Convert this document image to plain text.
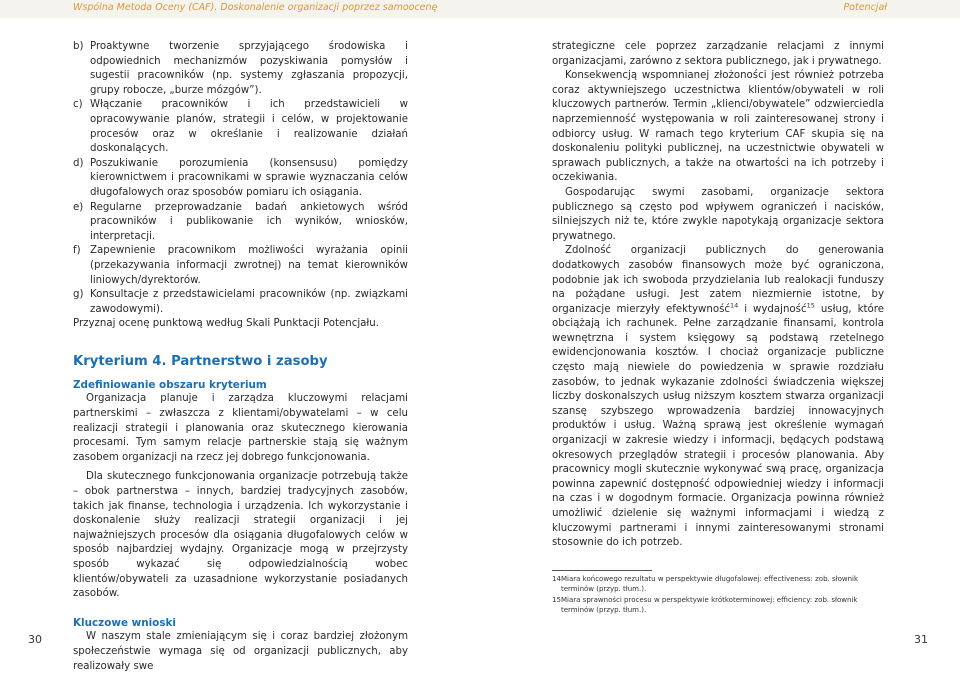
Wspólna Metoda Oceny (CAF). Doskonalenie organizacji poprzez samoocenę	Potencjał
b) Proaktywne tworzenie sprzyjającego środowiska i odpowiednich mechanizmów pozyskiwania pomysłów i sugestii pracowników (np. systemy zgłaszania propozycji, grupy robocze, „burze mózgów”).
c) Włączanie pracowników i ich przedstawicieli w opracowywanie planów, strategii i celów, w projektowanie procesów oraz w określanie i realizowanie działań doskonalących.
d) Poszukiwanie porozumienia (konsensusu) pomiędzy kierownictwem i pracownikami w sprawie wyznaczania celów długofalowych oraz sposobów pomiaru ich osiągania.
e) Regularne przeprowadzanie badań ankietowych wśród pracowników i publikowanie ich wyników, wniosków, interpretacji.
f) Zapewnienie pracownikom możliwości wyrażania opinii (przekazywania informacji zwrotnej) na temat kierowników liniowych/dyrektorów.
g) Konsultacje z przedstawicielami pracowników (np. związkami zawodowymi).

Przyznaj ocenę punktową według Skali Punktacji Potencjału.

Kryterium 4. Partnerstwo i zasoby
Zdefiniowanie obszaru kryterium

Organizacja planuje i zarządza kluczowymi relacjami partnerskimi – zwłaszcza z klientami/obywatelami – w celu realizacji strategii i planowania oraz skutecznego kierowania procesami. Tym samym relacje partnerskie stają się ważnym zasobem organizacji na rzecz jej dobrego funkcjonowania.

Dla skutecznego funkcjonowania organizacje potrzebują także – obok partnerstwa – innych, bardziej tradycyjnych zasobów, takich jak finanse, technologia i urządzenia. Ich wykorzystanie i doskonalenie służy realizacji strategii organizacji i jej najważniejszych procesów dla osiągania długofalowych celów w sposób najbardziej wydajny. Organizacje mogą w przejrzysty sposób wykazać się odpowiedzialnością wobec klientów/obywateli za uzasadnione wykorzystanie posiadanych zasobów.

Kluczowe wnioski

W naszym stale zmieniającym się i coraz bardziej złożonym społeczeństwie wymaga się od organizacji publicznych, aby realizowały swe

strategiczne cele poprzez zarządzanie relacjami z innymi organizacjami, zarówno z sektora publicznego, jak i prywatnego.

Konsekwencją wspomnianej złożoności jest również potrzeba coraz aktywniejszego uczestnictwa klientów/obywateli w roli kluczowych partnerów. Termin „klienci/obywatele” odzwierciedla naprzemienność występowania w roli zainteresowanej strony i odbiorcy usług. W ramach tego kryterium CAF skupia się na doskonaleniu polityki publicznej, na uczestnictwie obywateli w sprawach publicznych, a także na otwartości na ich potrzeby i oczekiwania.

Gospodarując swymi zasobami, organizacje sektora publicznego są często pod wpływem ograniczeń i nacisków, silniejszych niż te, które zwykle napotykają organizacje sektora prywatnego.

Zdolność organizacji publicznych do generowania dodatkowych zasobów finansowych może być ograniczona, podobnie jak ich swoboda przydzielania lub realokacji funduszy na pożądane usługi. Jest zatem niezmiernie istotne, by organizacje mierzyły efektywność$^{14}$ i wydajność$^{15}$ usług, które obciążają ich rachunek. Pełne zarządzanie finansami, kontrola wewnętrzna i system księgowy są podstawą rzetelnego ewidencjonowania kosztów. I chociaż organizacje publiczne często mają niewiele do powiedzenia w sprawie rozdziału zasobów, to jednak wykazanie zdolności świadczenia większej liczby doskonalszych usług niższym kosztem stwarza organizacji szansę szybszego wprowadzenia bardziej innowacyjnych produktów i usług. Ważną sprawą jest określenie wymagań organizacji w zakresie wiedzy i informacji, będących podstawą okresowych przeglądów strategii i procesów planowania. Aby pracownicy mogli skutecznie wykonywać swą pracę, organizacja powinna zapewnić dostępność odpowiedniej wiedzy i informacji na czas i w dogodnym formacie. Organizacja powinna również umożliwić dzielenie się ważnymi informacjami i wiedzą z kluczowymi partnerami i innymi zainteresowanymi stronami stosownie do ich potrzeb.

14 Miara końcowego rezultatu w perspektywie długofalowej: effectiveness: zob. słownik terminów (przyp. tłum.).
15 Miara sprawności procesu w perspektywie krótkoterminowej: efficiency: zob. słownik terminów (przyp. tłum.).
30	31
